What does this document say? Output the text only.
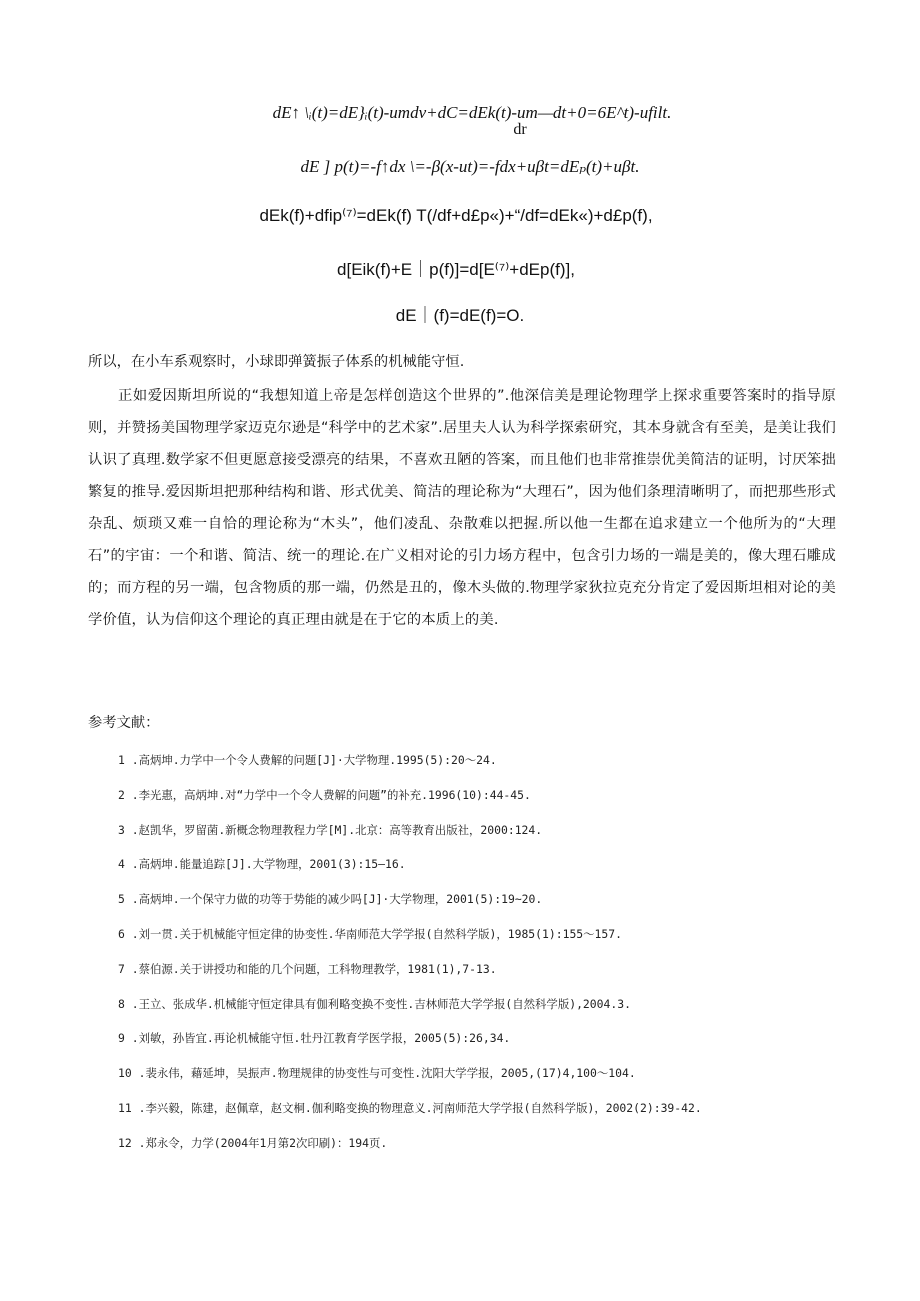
dE↑ \ᵢ(t)=dE}ᵢ(t)-umdv+dC=dEk(t)-um—dt+0=6E^t)-ufilt.
dr
dE ] p(t)=-f↑dx \=-β(x-ut)=-fdx+uβt=dEₚ(t)+uβt.
dEk(f)+dfip⁽⁷⁾=dEk(f) T(/df+d£p«)+“/df=dEk«)+d£p(f),
d[Eik(f)+E｜p(f)]=d[E⁽⁷⁾+dEp(f)],
dE｜(f)=dE(f)=O.
所以，在小车系观察时，小球即弹簧振子体系的机械能守恒.
正如爱因斯坦所说的“我想知道上帝是怎样创造这个世界的”.他深信美是理论物理学上探求重要答案时的指导原则，并赞扬美国物理学家迈克尔逊是“科学中的艺术家”.居里夫人认为科学探索研究，其本身就含有至美，是美让我们认识了真理.数学家不但更愿意接受漂亮的结果，不喜欢丑陋的答案，而且他们也非常推崇优美简洁的证明，讨厌笨拙繁复的推导.爱因斯坦把那种结构和谐、形式优美、简洁的理论称为“大理石”，因为他们条理清晰明了，而把那些形式杂乱、烦琐又难一自恰的理论称为“木头”，他们凌乱、杂散难以把握.所以他一生都在追求建立一个他所为的“大理石”的宇宙：一个和谐、简洁、统一的理论.在广义相对论的引力场方程中，包含引力场的一端是美的，像大理石雕成的；而方程的另一端，包含物质的那一端，仍然是丑的，像木头做的.物理学家狄拉克充分肯定了爱因斯坦相对论的美学价值，认为信仰这个理论的真正理由就是在于它的本质上的美.
参考文献：
1 .高炳坤.力学中一个令人费解的问题[J]·大学物理.1995(5):20～24.
2 .李光惠，高炳坤.对“力学中一个令人费解的问题”的补充.1996(10):44-45.
3 .赵凯华，罗留菌.新概念物理教程力学[M].北京：高等教育出版社，2000:124.
4 .高炳坤.能量追踪[J].大学物理，2001(3):15—16.
5 .高炳坤.一个保守力做的功等于势能的减少吗[J]·大学物理，2001(5):19~20.
6 .刘一贯.关于机械能守恒定律的协变性.华南师范大学学报(自然科学版)，1985(1):155～157.
7 .蔡伯源.关于讲授功和能的几个问题，工科物理教学，1981(1),7-13.
8 .王立、张成华.机械能守恒定律具有伽利略变换不变性.吉林师范大学学报(自然科学版),2004.3.
9 .刘敏，孙皆宜.再论机械能守恒.牡丹江教育学医学报，2005(5):26,34.
10 .裴永伟，藉延坤，吴振声.物理规律的协变性与可变性.沈阳大学学报，2005,(17)4,100～104.
11 .李兴毅，陈建，赵佩章，赵文桐.伽利略变换的物理意义.河南师范大学学报(自然科学版)，2002(2):39-42.
12 .郑永令，力学(2004年1月第2次印刷)：194页.
